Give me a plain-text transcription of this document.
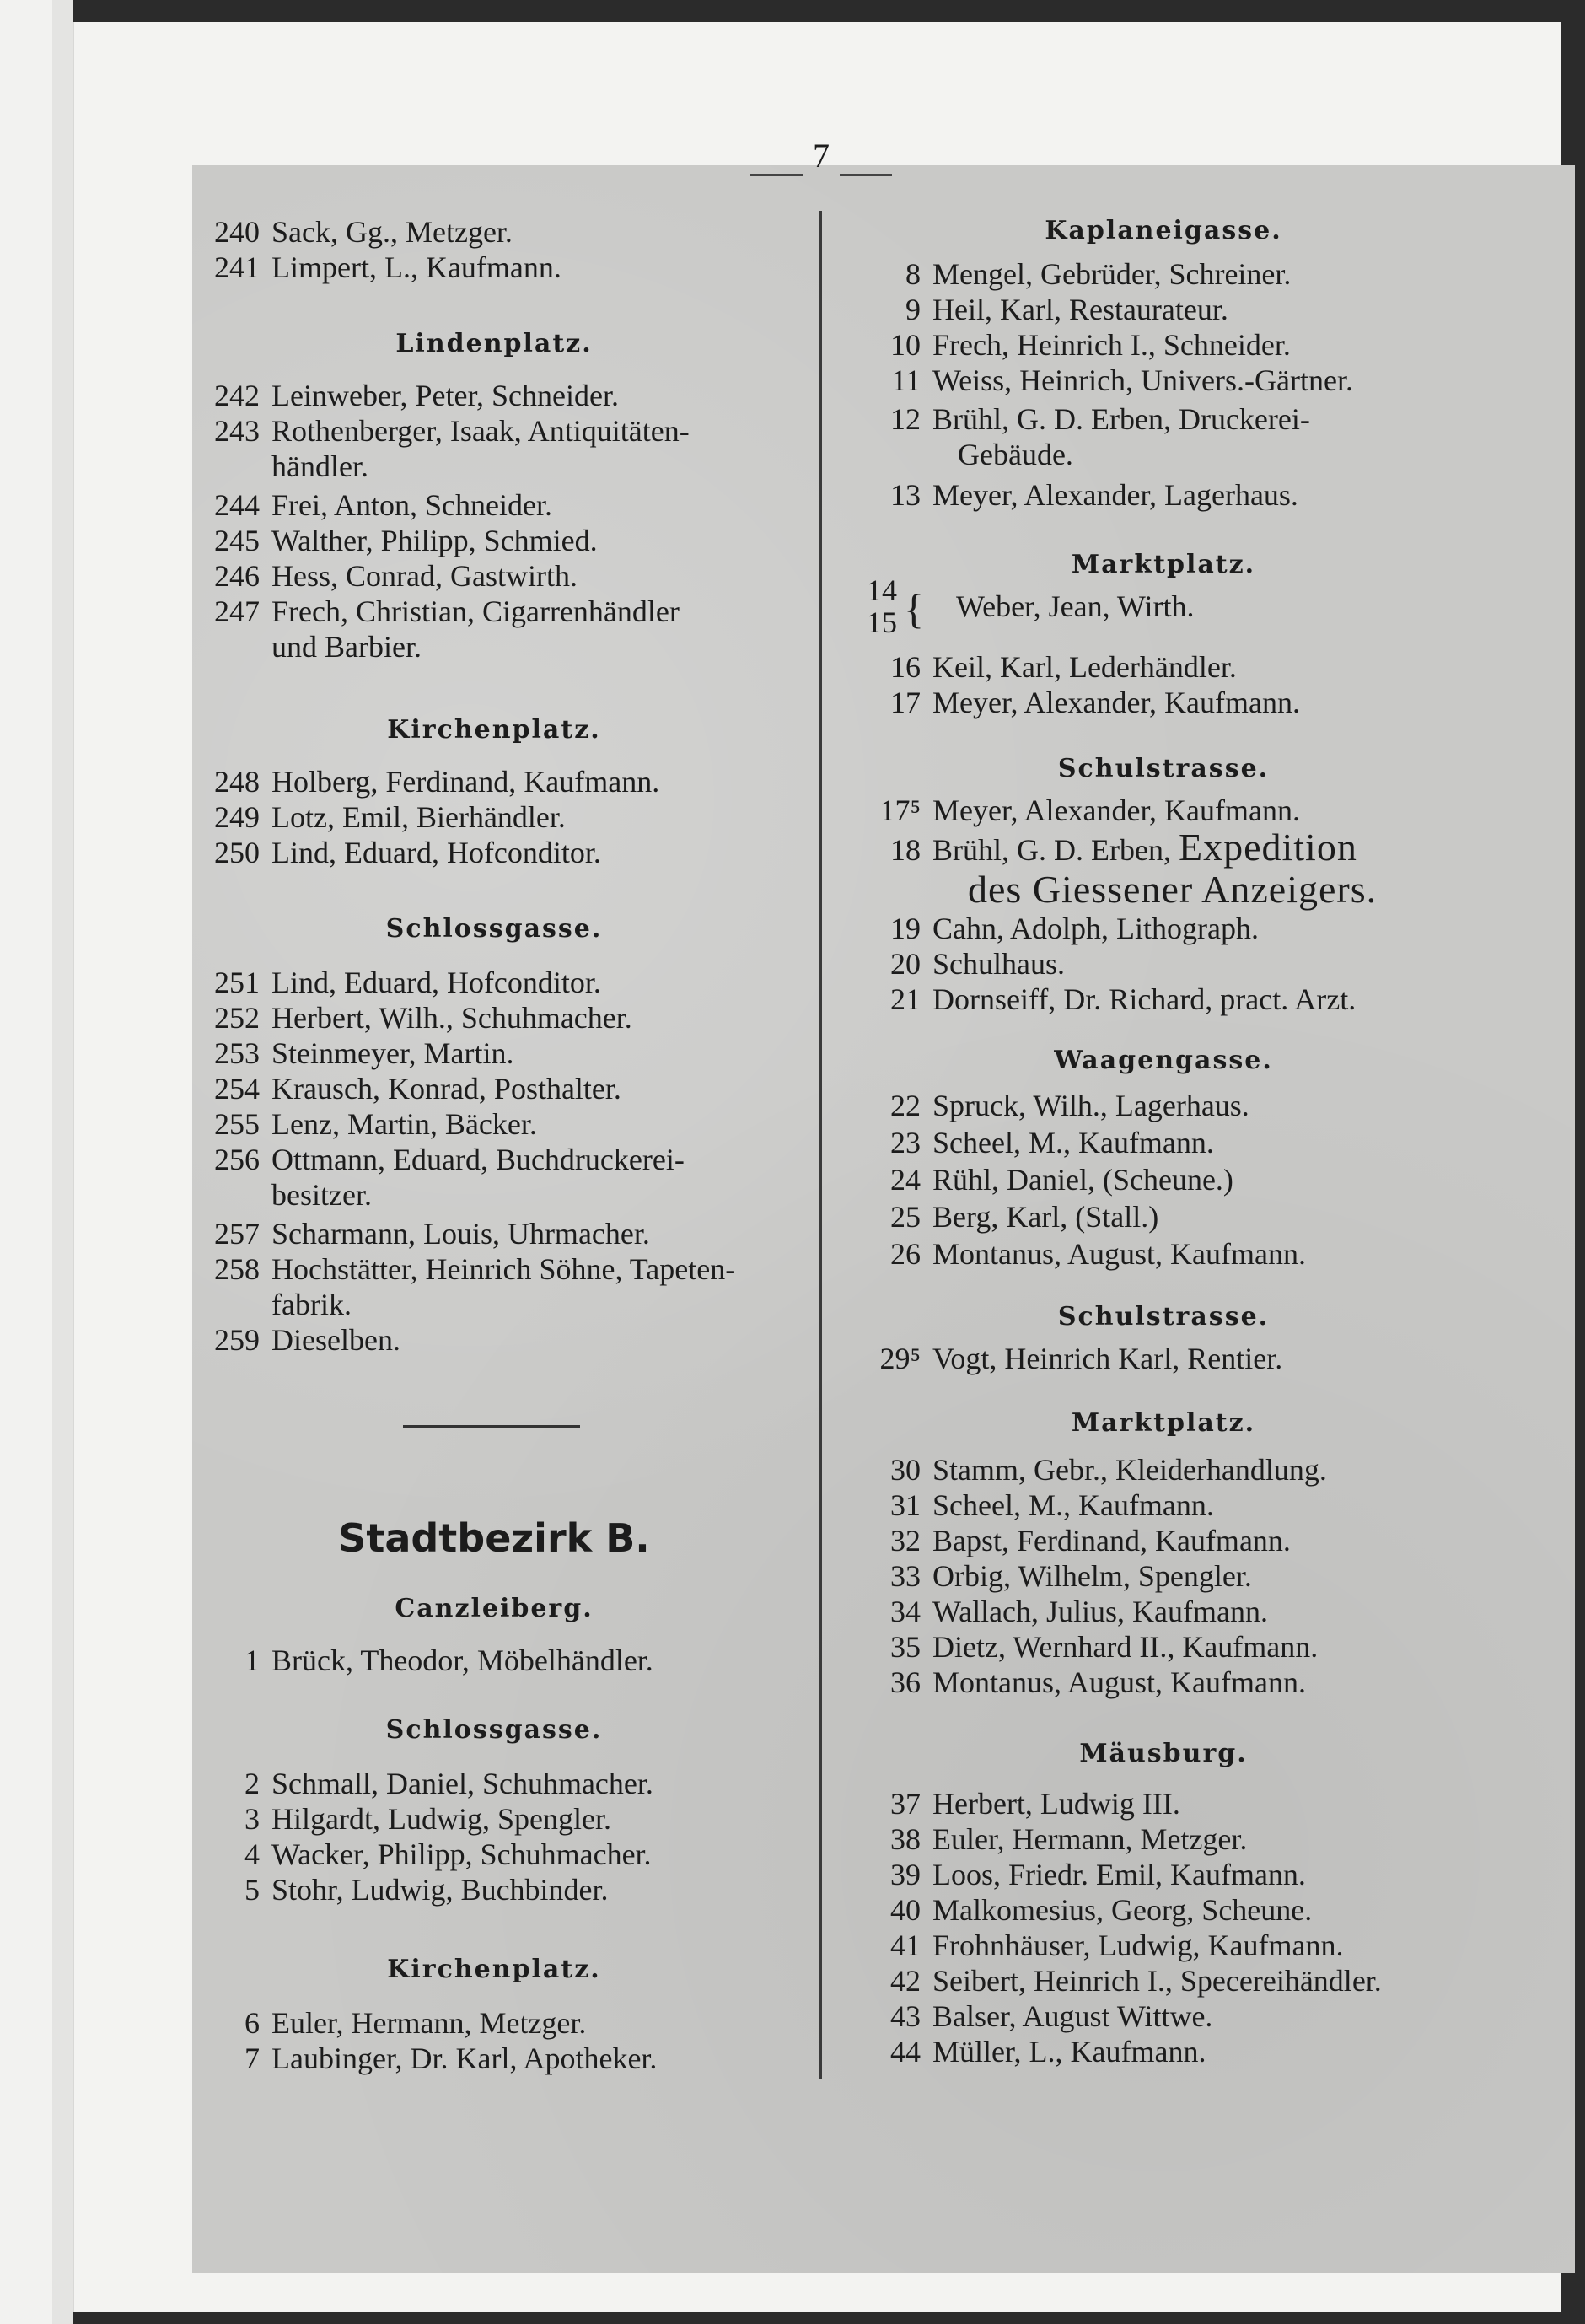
7
240 Sack, Gg., Metzger.
241 Limpert, L., Kaufmann.
Lindenplatz.
242 Leinweber, Peter, Schneider.
243 Rothenberger, Isaak, Antiquitäten-
händler.
244 Frei, Anton, Schneider.
245 Walther, Philipp, Schmied.
246 Hess, Conrad, Gastwirth.
247 Frech, Christian, Cigarrenhändler
und Barbier.
Kirchenplatz.
248 Holberg, Ferdinand, Kaufmann.
249 Lotz, Emil, Bierhändler.
250 Lind, Eduard, Hofconditor.
Schlossgasse.
251 Lind, Eduard, Hofconditor.
252 Herbert, Wilh., Schuhmacher.
253 Steinmeyer, Martin.
254 Krausch, Konrad, Posthalter.
255 Lenz, Martin, Bäcker.
256 Ottmann, Eduard, Buchdruckerei-
besitzer.
257 Scharmann, Louis, Uhrmacher.
258 Hochstätter, Heinrich Söhne, Tapeten-
fabrik.
259 Dieselben.
Stadtbezirk B.
Canzleiberg.
1 Brück, Theodor, Möbelhändler.
Schlossgasse.
2 Schmall, Daniel, Schuhmacher.
3 Hilgardt, Ludwig, Spengler.
4 Wacker, Philipp, Schuhmacher.
5 Stohr, Ludwig, Buchbinder.
Kirchenplatz.
6 Euler, Hermann, Metzger.
7 Laubinger, Dr. Karl, Apotheker.
Kaplaneigasse.
8 Mengel, Gebrüder, Schreiner.
9 Heil, Karl, Restaurateur.
10 Frech, Heinrich I., Schneider.
11 Weiss, Heinrich, Univers.-Gärtner.
12 Brühl, G. D. Erben, Druckerei-
Gebäude.
13 Meyer, Alexander, Lagerhaus.
Marktplatz.
14
15 { Weber, Jean, Wirth.
16 Keil, Karl, Lederhändler.
17 Meyer, Alexander, Kaufmann.
Schulstrasse.
17⁵ Meyer, Alexander, Kaufmann.
18 Brühl, G. D. Erben, Expedition
des Giessener Anzeigers.
19 Cahn, Adolph, Lithograph.
20 Schulhaus.
21 Dornseiff, Dr. Richard, pract. Arzt.
Waagengasse.
22 Spruck, Wilh., Lagerhaus.
23 Scheel, M., Kaufmann.
24 Rühl, Daniel, (Scheune.)
25 Berg, Karl, (Stall.)
26 Montanus, August, Kaufmann.
Schulstrasse.
29⁵ Vogt, Heinrich Karl, Rentier.
Marktplatz.
30 Stamm, Gebr., Kleiderhandlung.
31 Scheel, M., Kaufmann.
32 Bapst, Ferdinand, Kaufmann.
33 Orbig, Wilhelm, Spengler.
34 Wallach, Julius, Kaufmann.
35 Dietz, Wernhard II., Kaufmann.
36 Montanus, August, Kaufmann.
Mäusburg.
37 Herbert, Ludwig III.
38 Euler, Hermann, Metzger.
39 Loos, Friedr. Emil, Kaufmann.
40 Malkomesius, Georg, Scheune.
41 Frohnhäuser, Ludwig, Kaufmann.
42 Seibert, Heinrich I., Specereihändler.
43 Balser, August Wittwe.
44 Müller, L., Kaufmann.
